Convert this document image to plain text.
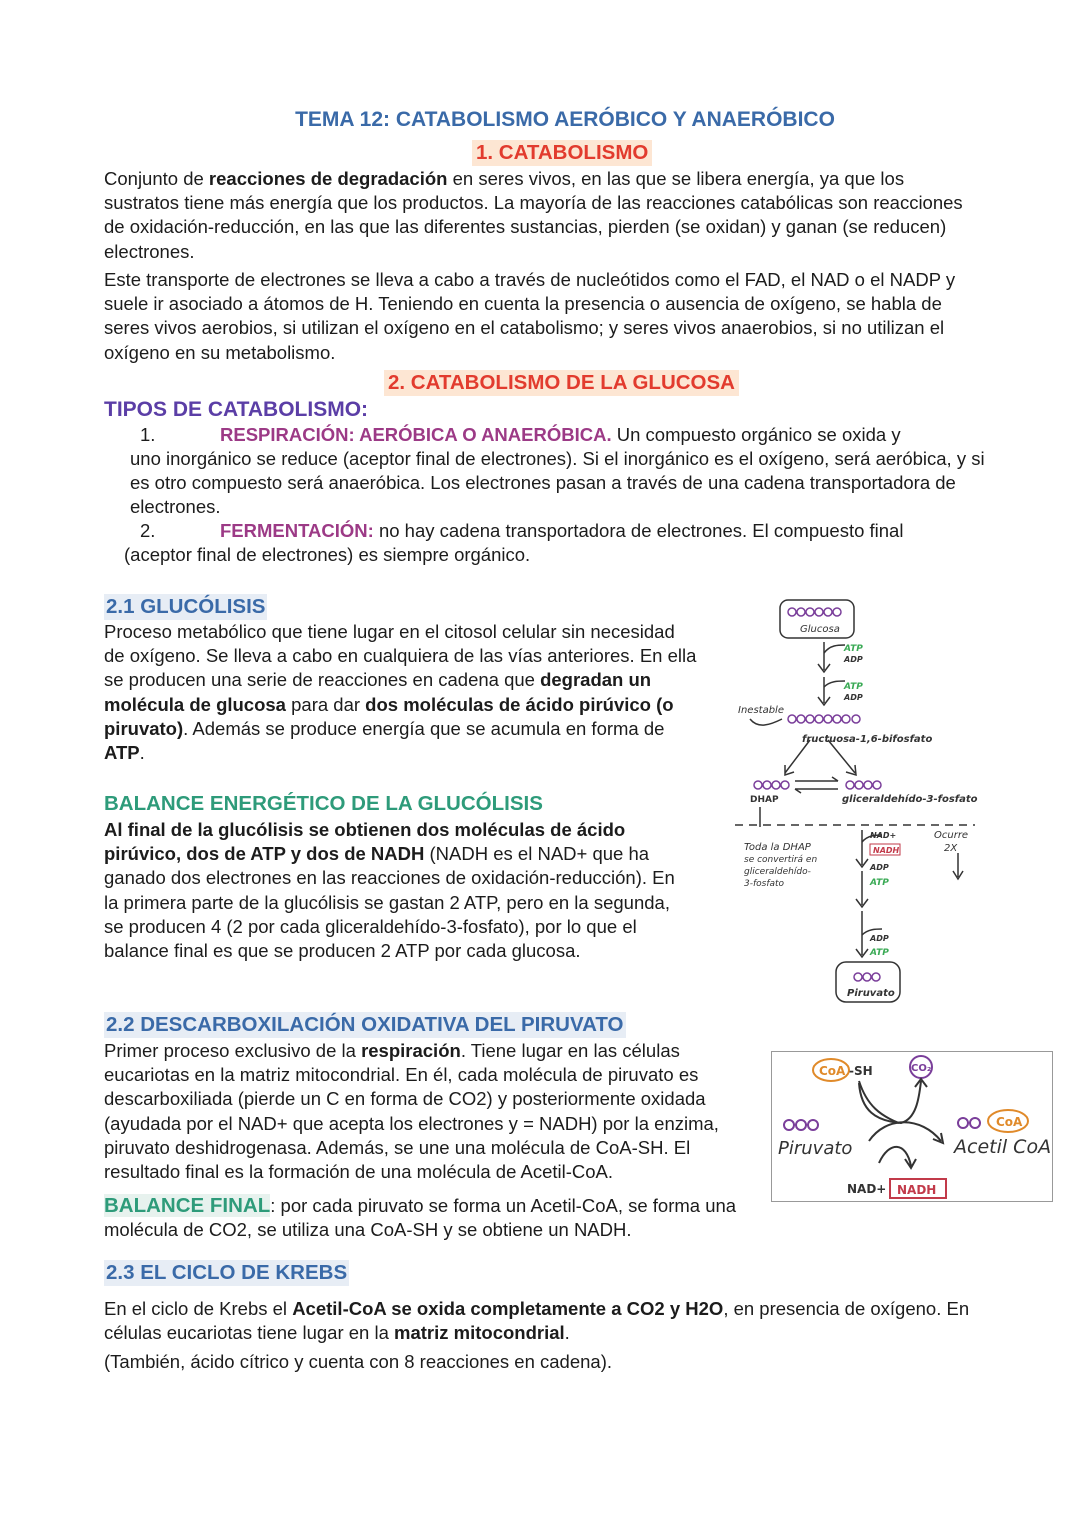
TEMA 12: CATABOLISMO AERÓBICO Y ANAERÓBICO
1. CATABOLISMO

Conjunto de reacciones de degradación en seres vivos, en las que se libera energía, ya que los sustratos tiene más energía que los productos. La mayoría de las reacciones catabólicas son reacciones de oxidación-reducción, en las que las diferentes sustancias, pierden (se oxidan) y ganan (se reducen) electrones.

Este transporte de electrones se lleva a cabo a través de nucleótidos como el FAD, el NAD o el NADP y suele ir asociado a átomos de H. Teniendo en cuenta la presencia o ausencia de oxígeno, se habla de seres vivos aerobios, si utilizan el oxígeno en el catabolismo; y seres vivos anaerobios, si no utilizan el oxígeno en su metabolismo.

2. CATABOLISMO DE LA GLUCOSA
TIPOS DE CATABOLISMO:

1.	RESPIRACIÓN: AERÓBICA O ANAERÓBICA. Un compuesto orgánico se oxida y

uno inorgánico se reduce (aceptor final de electrones). Si el inorgánico es el oxígeno, será aeróbica, y si es otro compuesto será anaeróbica. Los electrones pasan a través de una cadena transportadora de electrones.

2.	FERMENTACIÓN: no hay cadena transportadora de electrones. El compuesto final

(aceptor final de electrones) es siempre orgánico.

2.1 GLUCÓLISIS

Proceso metabólico que tiene lugar en el citosol celular sin necesidad de oxígeno. Se lleva a cabo en cualquiera de las vías anteriores. En ella se producen una serie de reacciones en cadena que degradan un molécula de glucosa para dar dos moléculas de ácido pirúvico (o piruvato). Además se produce energía que se acumula en forma de ATP.

BALANCE ENERGÉTICO DE LA GLUCÓLISIS

Al final de la glucólisis se obtienen dos moléculas de ácido pirúvico, dos de ATP y dos de NADH (NADH es el NAD+ que ha ganado dos electrones en las reacciones de oxidación-reducción). En la primera parte de la glucólisis se gastan 2 ATP, pero en la segunda, se producen 4 (2 por cada gliceraldehído-3-fosfato), por lo que el balance final es que se producen 2 ATP por cada glucosa.

Glucosa
ATP
ADP
ATP
ADP
Inestable
fructuosa-1,6-bifosfato
DHAP	gliceraldehído-3-fosfato
NAD+
NADH
Ocurre
2X
Toda la DHAP
se convertirá en
gliceraldehído-
3-fosfato
ADP
ATP
ADP
ATP
Piruvato
2.2 DESCARBOXILACIÓN OXIDATIVA DEL PIRUVATO

Primer proceso exclusivo de la respiración. Tiene lugar en las células eucariotas en la matriz mitocondrial. En él, cada molécula de piruvato es descarboxiliada (pierde un C en forma de CO2) y posteriormente oxidada (ayudada por el NAD+ que acepta los electrones y = NADH) por la enzima, piruvato deshidrogenasa. Además, se une una molécula de CoA-SH. El resultado final es la formación de una molécula de Acetil-CoA.

BALANCE FINAL: por cada piruvato se forma un Acetil-CoA, se forma una molécula de CO2, se utiliza una CoA-SH y se obtiene un NADH.

CoA -SH	CO₂
Piruvato
CoA
Acetil CoA
NAD+ NADH
2.3 EL CICLO DE KREBS

En el ciclo de Krebs el Acetil-CoA se oxida completamente a CO2 y H2O, en presencia de oxígeno. En células eucariotas tiene lugar en la matriz mitocondrial.

(También, ácido cítrico y cuenta con 8 reacciones en cadena).
